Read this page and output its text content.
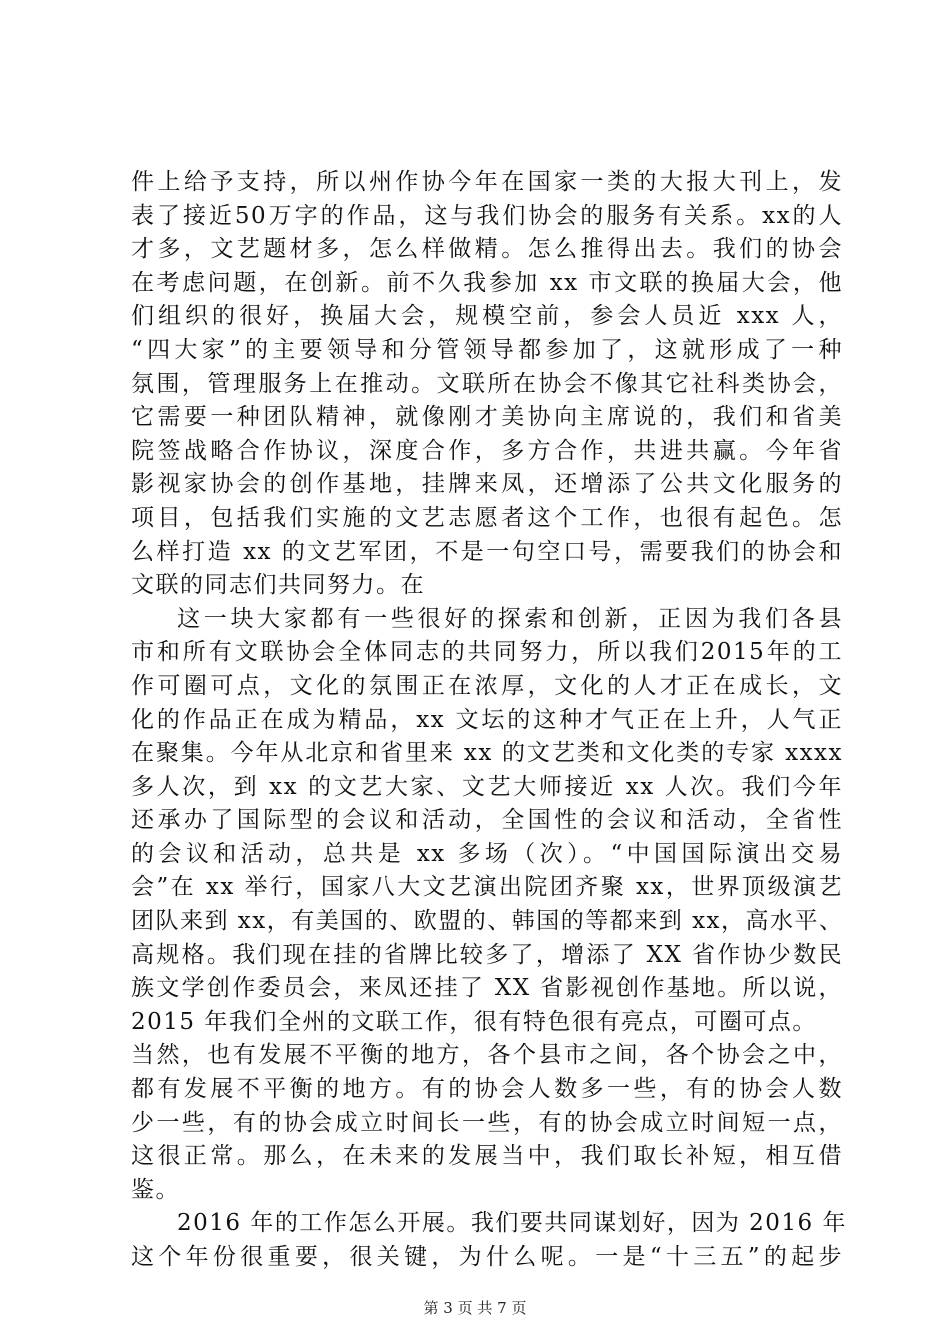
件上给予支持，所以州作协今年在国家一类的大报大刊上，发
表了接近50万字的作品，这与我们协会的服务有关系。xx的人
才多，文艺题材多，怎么样做精。怎么推得出去。我们的协会
在考虑问题，在创新。前不久我参加 xx 市文联的换届大会，他
们组织的很好，换届大会，规模空前，参会人员近 xxx 人，
“四大家”的主要领导和分管领导都参加了，这就形成了一种
氛围，管理服务上在推动。文联所在协会不像其它社科类协会，
它需要一种团队精神，就像刚才美协向主席说的，我们和省美
院签战略合作协议，深度合作，多方合作，共进共赢。今年省
影视家协会的创作基地，挂牌来凤，还增添了公共文化服务的
项目，包括我们实施的文艺志愿者这个工作，也很有起色。怎
么样打造 xx 的文艺军团，不是一句空口号，需要我们的协会和
文联的同志们共同努力。在
这一块大家都有一些很好的探索和创新，正因为我们各县
市和所有文联协会全体同志的共同努力，所以我们2015年的工
作可圈可点，文化的氛围正在浓厚，文化的人才正在成长，文
化的作品正在成为精品，xx 文坛的这种才气正在上升，人气正
在聚集。今年从北京和省里来 xx 的文艺类和文化类的专家 xxxx
多人次，到 xx 的文艺大家、文艺大师接近 xx 人次。我们今年
还承办了国际型的会议和活动，全国性的会议和活动，全省性
的会议和活动，总共是 xx 多场（次）。“中国国际演出交易
会”在 xx 举行，国家八大文艺演出院团齐聚 xx，世界顶级演艺
团队来到 xx，有美国的、欧盟的、韩国的等都来到 xx，高水平、
高规格。我们现在挂的省牌比较多了，增添了 XX 省作协少数民
族文学创作委员会，来凤还挂了 XX 省影视创作基地。所以说，
2015 年我们全州的文联工作，很有特色很有亮点，可圈可点。
当然，也有发展不平衡的地方，各个县市之间，各个协会之中，
都有发展不平衡的地方。有的协会人数多一些，有的协会人数
少一些，有的协会成立时间长一些，有的协会成立时间短一点，
这很正常。那么，在未来的发展当中，我们取长补短，相互借
鉴。
2016 年的工作怎么开展。我们要共同谋划好，因为 2016 年
这个年份很重要，很关键，为什么呢。一是“十三五”的起步
第 3 页 共 7 页
